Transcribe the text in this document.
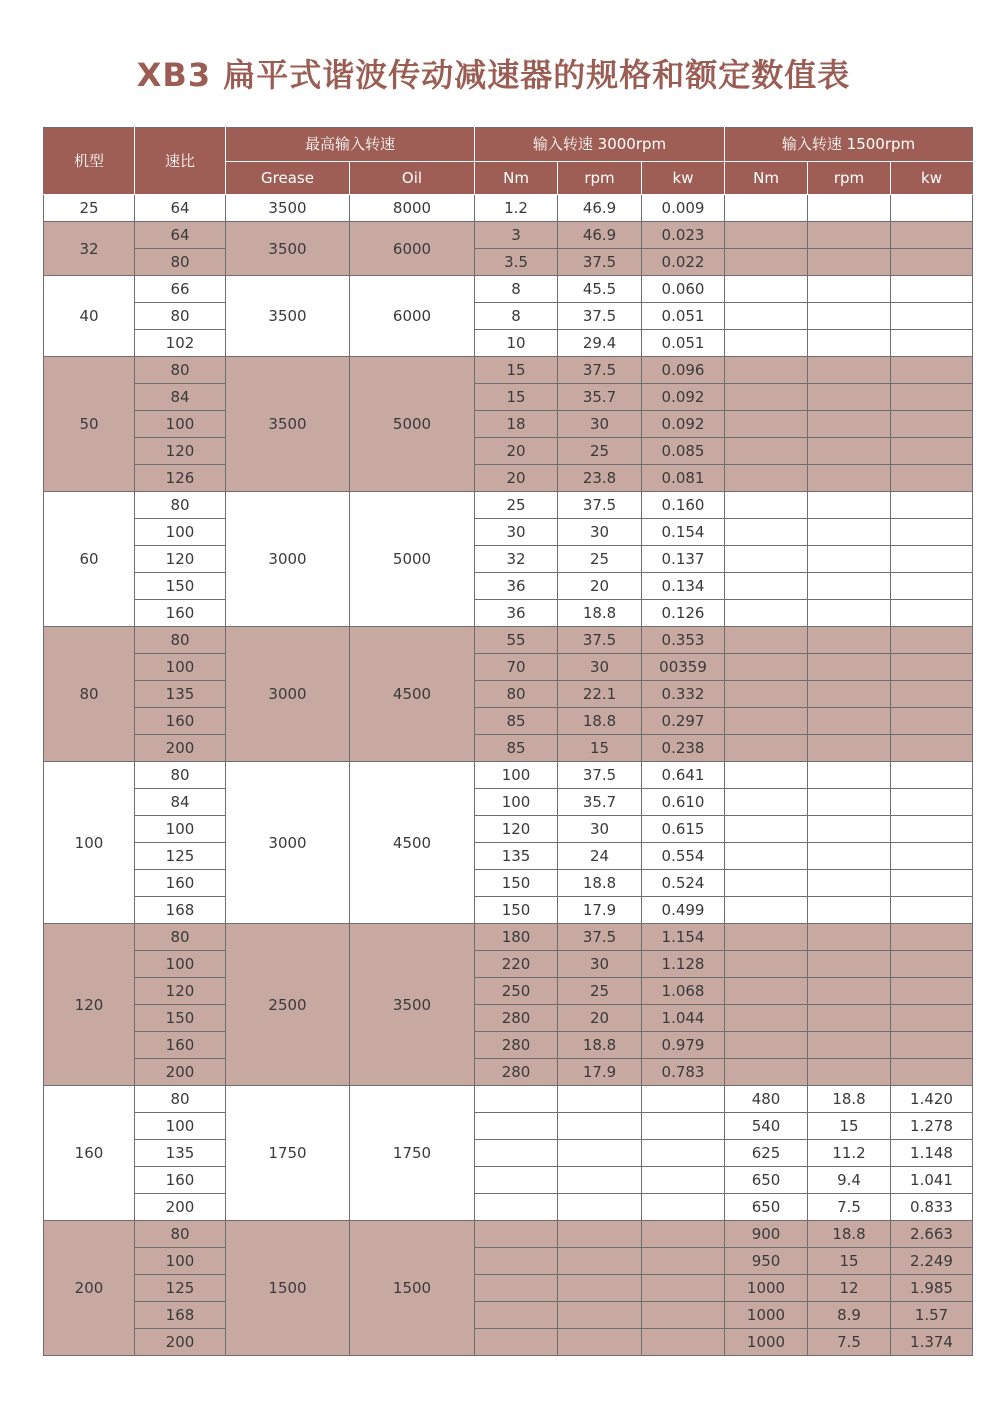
XB3 扁平式谐波传动减速器的规格和额定数值表
机型	速比	最高输入转速		输入转速 3000rpm			输入转速 1500rpm		
		Grease	Oil	Nm	rpm	kw	Nm	rpm	kw
25	64	3500	8000	1.2	46.9	0.009			
32	64	3500	6000	3	46.9	0.023			
	80			3.5	37.5	0.022			
40	66	3500	6000	8	45.5	0.060			
	80			8	37.5	0.051			
	102			10	29.4	0.051			
50	80	3500	5000	15	37.5	0.096			
	84			15	35.7	0.092			
	100			18	30	0.092			
	120			20	25	0.085			
	126			20	23.8	0.081			
60	80	3000	5000	25	37.5	0.160			
	100			30	30	0.154			
	120			32	25	0.137			
	150			36	20	0.134			
	160			36	18.8	0.126			
80	80	3000	4500	55	37.5	0.353			
	100			70	30	00359			
	135			80	22.1	0.332			
	160			85	18.8	0.297			
	200			85	15	0.238			
100	80	3000	4500	100	37.5	0.641			
	84			100	35.7	0.610			
	100			120	30	0.615			
	125			135	24	0.554			
	160			150	18.8	0.524			
	168			150	17.9	0.499			
120	80	2500	3500	180	37.5	1.154			
	100			220	30	1.128			
	120			250	25	1.068			
	150			280	20	1.044			
	160			280	18.8	0.979			
	200			280	17.9	0.783			
160	80	1750	1750				480	18.8	1.420
	100						540	15	1.278
	135						625	11.2	1.148
	160						650	9.4	1.041
	200						650	7.5	0.833
200	80	1500	1500				900	18.8	2.663
	100						950	15	2.249
	125						1000	12	1.985
	168						1000	8.9	1.57
	200						1000	7.5	1.374
